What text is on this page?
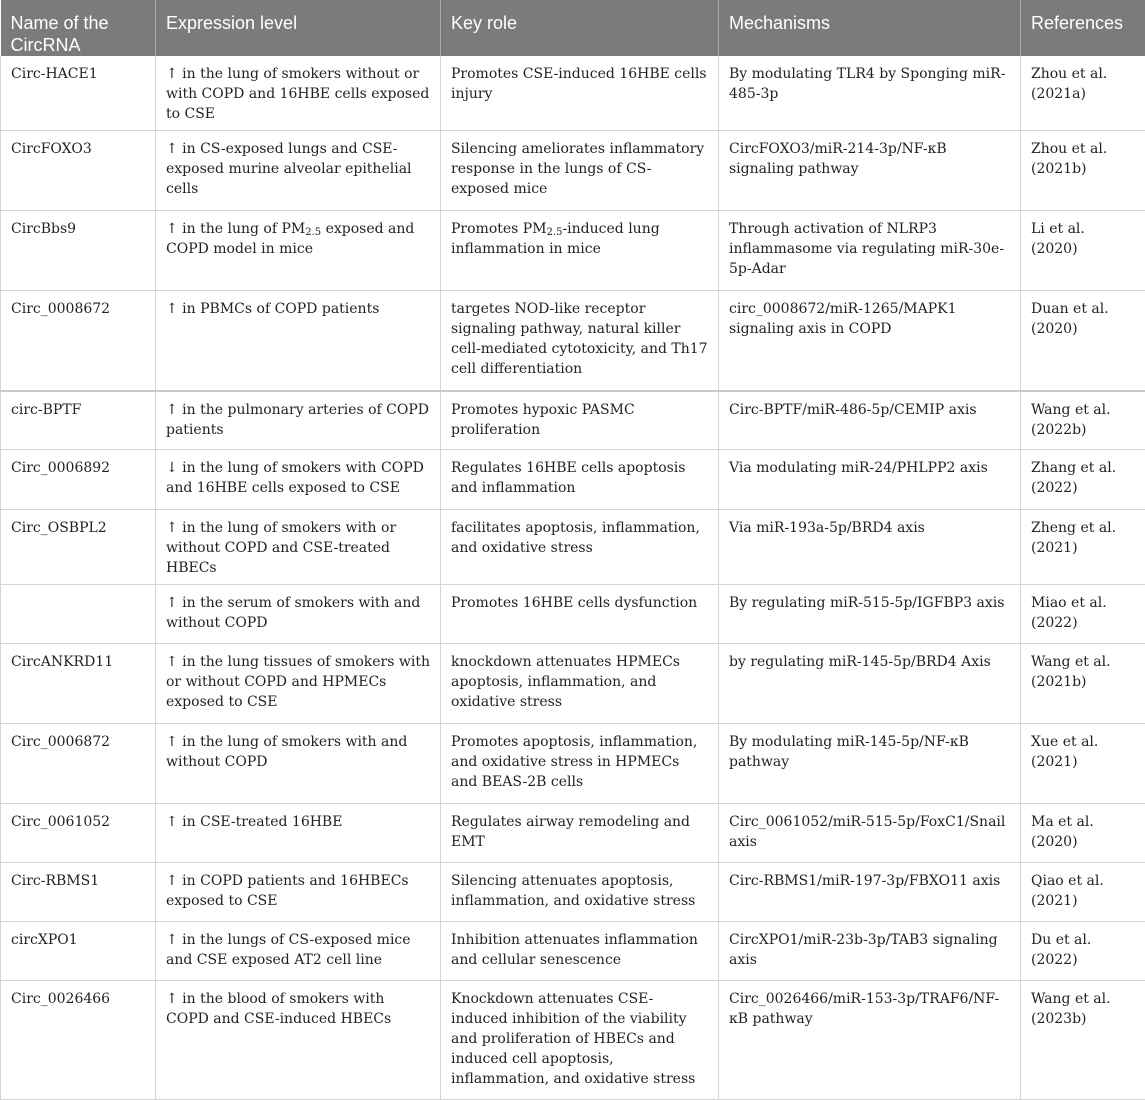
Name of the CircRNA	Expression level	Key role	Mechanisms	References
Circ-HACE1	↑ in the lung of smokers without or with COPD and 16HBE cells exposed to CSE	Promotes CSE-induced 16HBE cells injury	By modulating TLR4 by Sponging miR-485-3p	Zhou et al. (2021a)
CircFOXO3	↑ in CS-exposed lungs and CSE-exposed murine alveolar epithelial cells	Silencing ameliorates inflammatory response in the lungs of CS-exposed mice	CircFOXO3/miR-214-3p/NF-κB signaling pathway	Zhou et al. (2021b)
CircBbs9	↑ in the lung of $PM_{2.5}$ exposed and COPD model in mice	Promotes $PM_{2.5}$-induced lung inflammation in mice	Through activation of NLRP3 inflammasome via regulating miR-30e-5p-Adar	Li et al. (2020)
Circ_0008672	↑ in PBMCs of COPD patients	targetes NOD-like receptor signaling pathway, natural killer cell-mediated cytotoxicity, and Th17 cell differentiation	circ_0008672/miR-1265/MAPK1 signaling axis in COPD	Duan et al. (2020)
circ-BPTF	↑ in the pulmonary arteries of COPD patients	Promotes hypoxic PASMC proliferation	Circ-BPTF/miR-486-5p/CEMIP axis	Wang et al. (2022b)
Circ_0006892	↓ in the lung of smokers with COPD and 16HBE cells exposed to CSE	Regulates 16HBE cells apoptosis and inflammation	Via modulating miR-24/PHLPP2 axis	Zhang et al. (2022)
Circ_OSBPL2	↑ in the lung of smokers with or without COPD and CSE-treated HBECs	facilitates apoptosis, inflammation, and oxidative stress	Via miR-193a-5p/BRD4 axis	Zheng et al. (2021)
	↑ in the serum of smokers with and without COPD	Promotes 16HBE cells dysfunction	By regulating miR-515-5p/IGFBP3 axis	Miao et al. (2022)
CircANKRD11	↑ in the lung tissues of smokers with or without COPD and HPMECs exposed to CSE	knockdown attenuates HPMECs apoptosis, inflammation, and oxidative stress	by regulating miR-145-5p/BRD4 Axis	Wang et al. (2021b)
Circ_0006872	↑ in the lung of smokers with and without COPD	Promotes apoptosis, inflammation, and oxidative stress in HPMECs and BEAS-2B cells	By modulating miR-145-5p/NF-κB pathway	Xue et al. (2021)
Circ_0061052	↑ in CSE-treated 16HBE	Regulates airway remodeling and EMT	Circ_0061052/miR-515-5p/FoxC1/Snail axis	Ma et al. (2020)
Circ-RBMS1	↑ in COPD patients and 16HBECs exposed to CSE	Silencing attenuates apoptosis, inflammation, and oxidative stress	Circ-RBMS1/miR-197-3p/FBXO11 axis	Qiao et al. (2021)
circXPO1	↑ in the lungs of CS-exposed mice and CSE exposed AT2 cell line	Inhibition attenuates inflammation and cellular senescence	CircXPO1/miR-23b-3p/TAB3 signaling axis	Du et al. (2022)
Circ_0026466	↑ in the blood of smokers with COPD and CSE-induced HBECs	Knockdown attenuates CSE-induced inhibition of the viability and proliferation of HBECs and induced cell apoptosis, inflammation, and oxidative stress	Circ_0026466/miR-153-3p/TRAF6/NF-κB pathway	Wang et al. (2023b)
